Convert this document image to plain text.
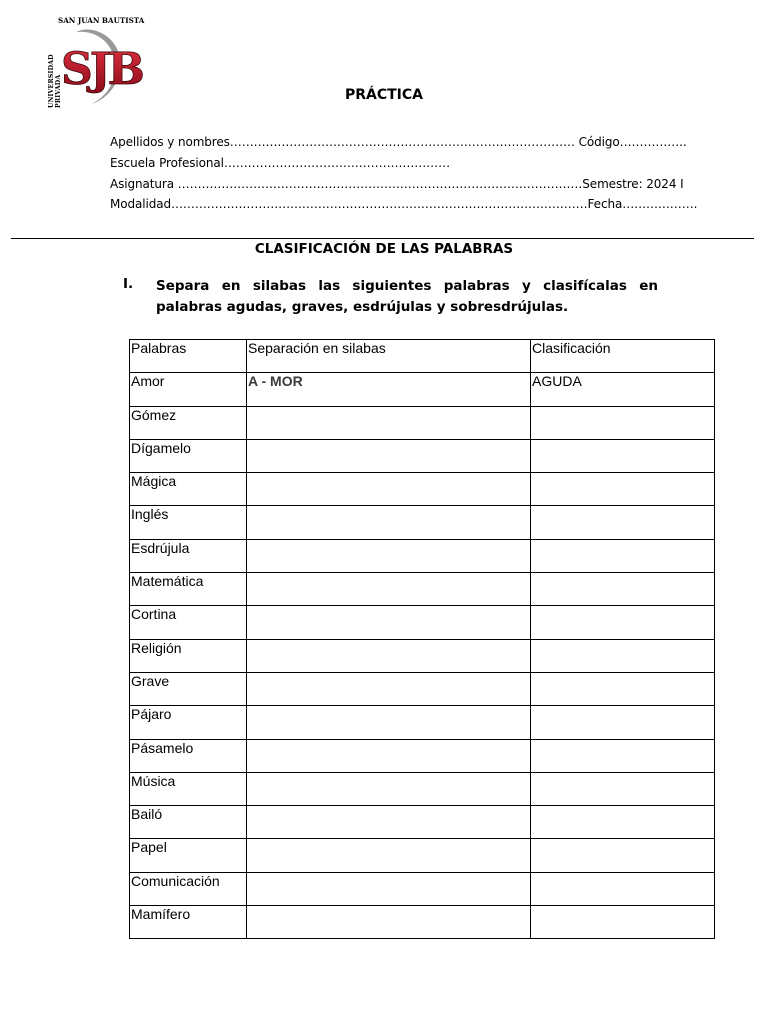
UNIVERSIDAD PRIVADA
SAN JUAN BAUTISTA
SJB	PRÁCTICA
Apellidos y nombres…………………………………………………………………………… Código……………..
Escuela Profesional…………………………………………………
Asignatura …………………………………………………………………………………………Semestre: 2024 I
Modalidad……………………………………………………………………………………………Fecha……………….
CLASIFICACIÓN DE LAS PALABRAS
I. Separa en silabas las siguientes palabras y clasifícalas en palabras agudas, graves, esdrújulas y sobresdrújulas.
Palabras	Separación en silabas	Clasificación
Amor	A - MOR	AGUDA
Gómez		
Dígamelo		
Mágica		
Inglés		
Esdrújula		
Matemática		
Cortina		
Religión		
Grave		
Pájaro		
Pásamelo		
Música		
Bailó		
Papel		
Comunicación		
Mamífero		
